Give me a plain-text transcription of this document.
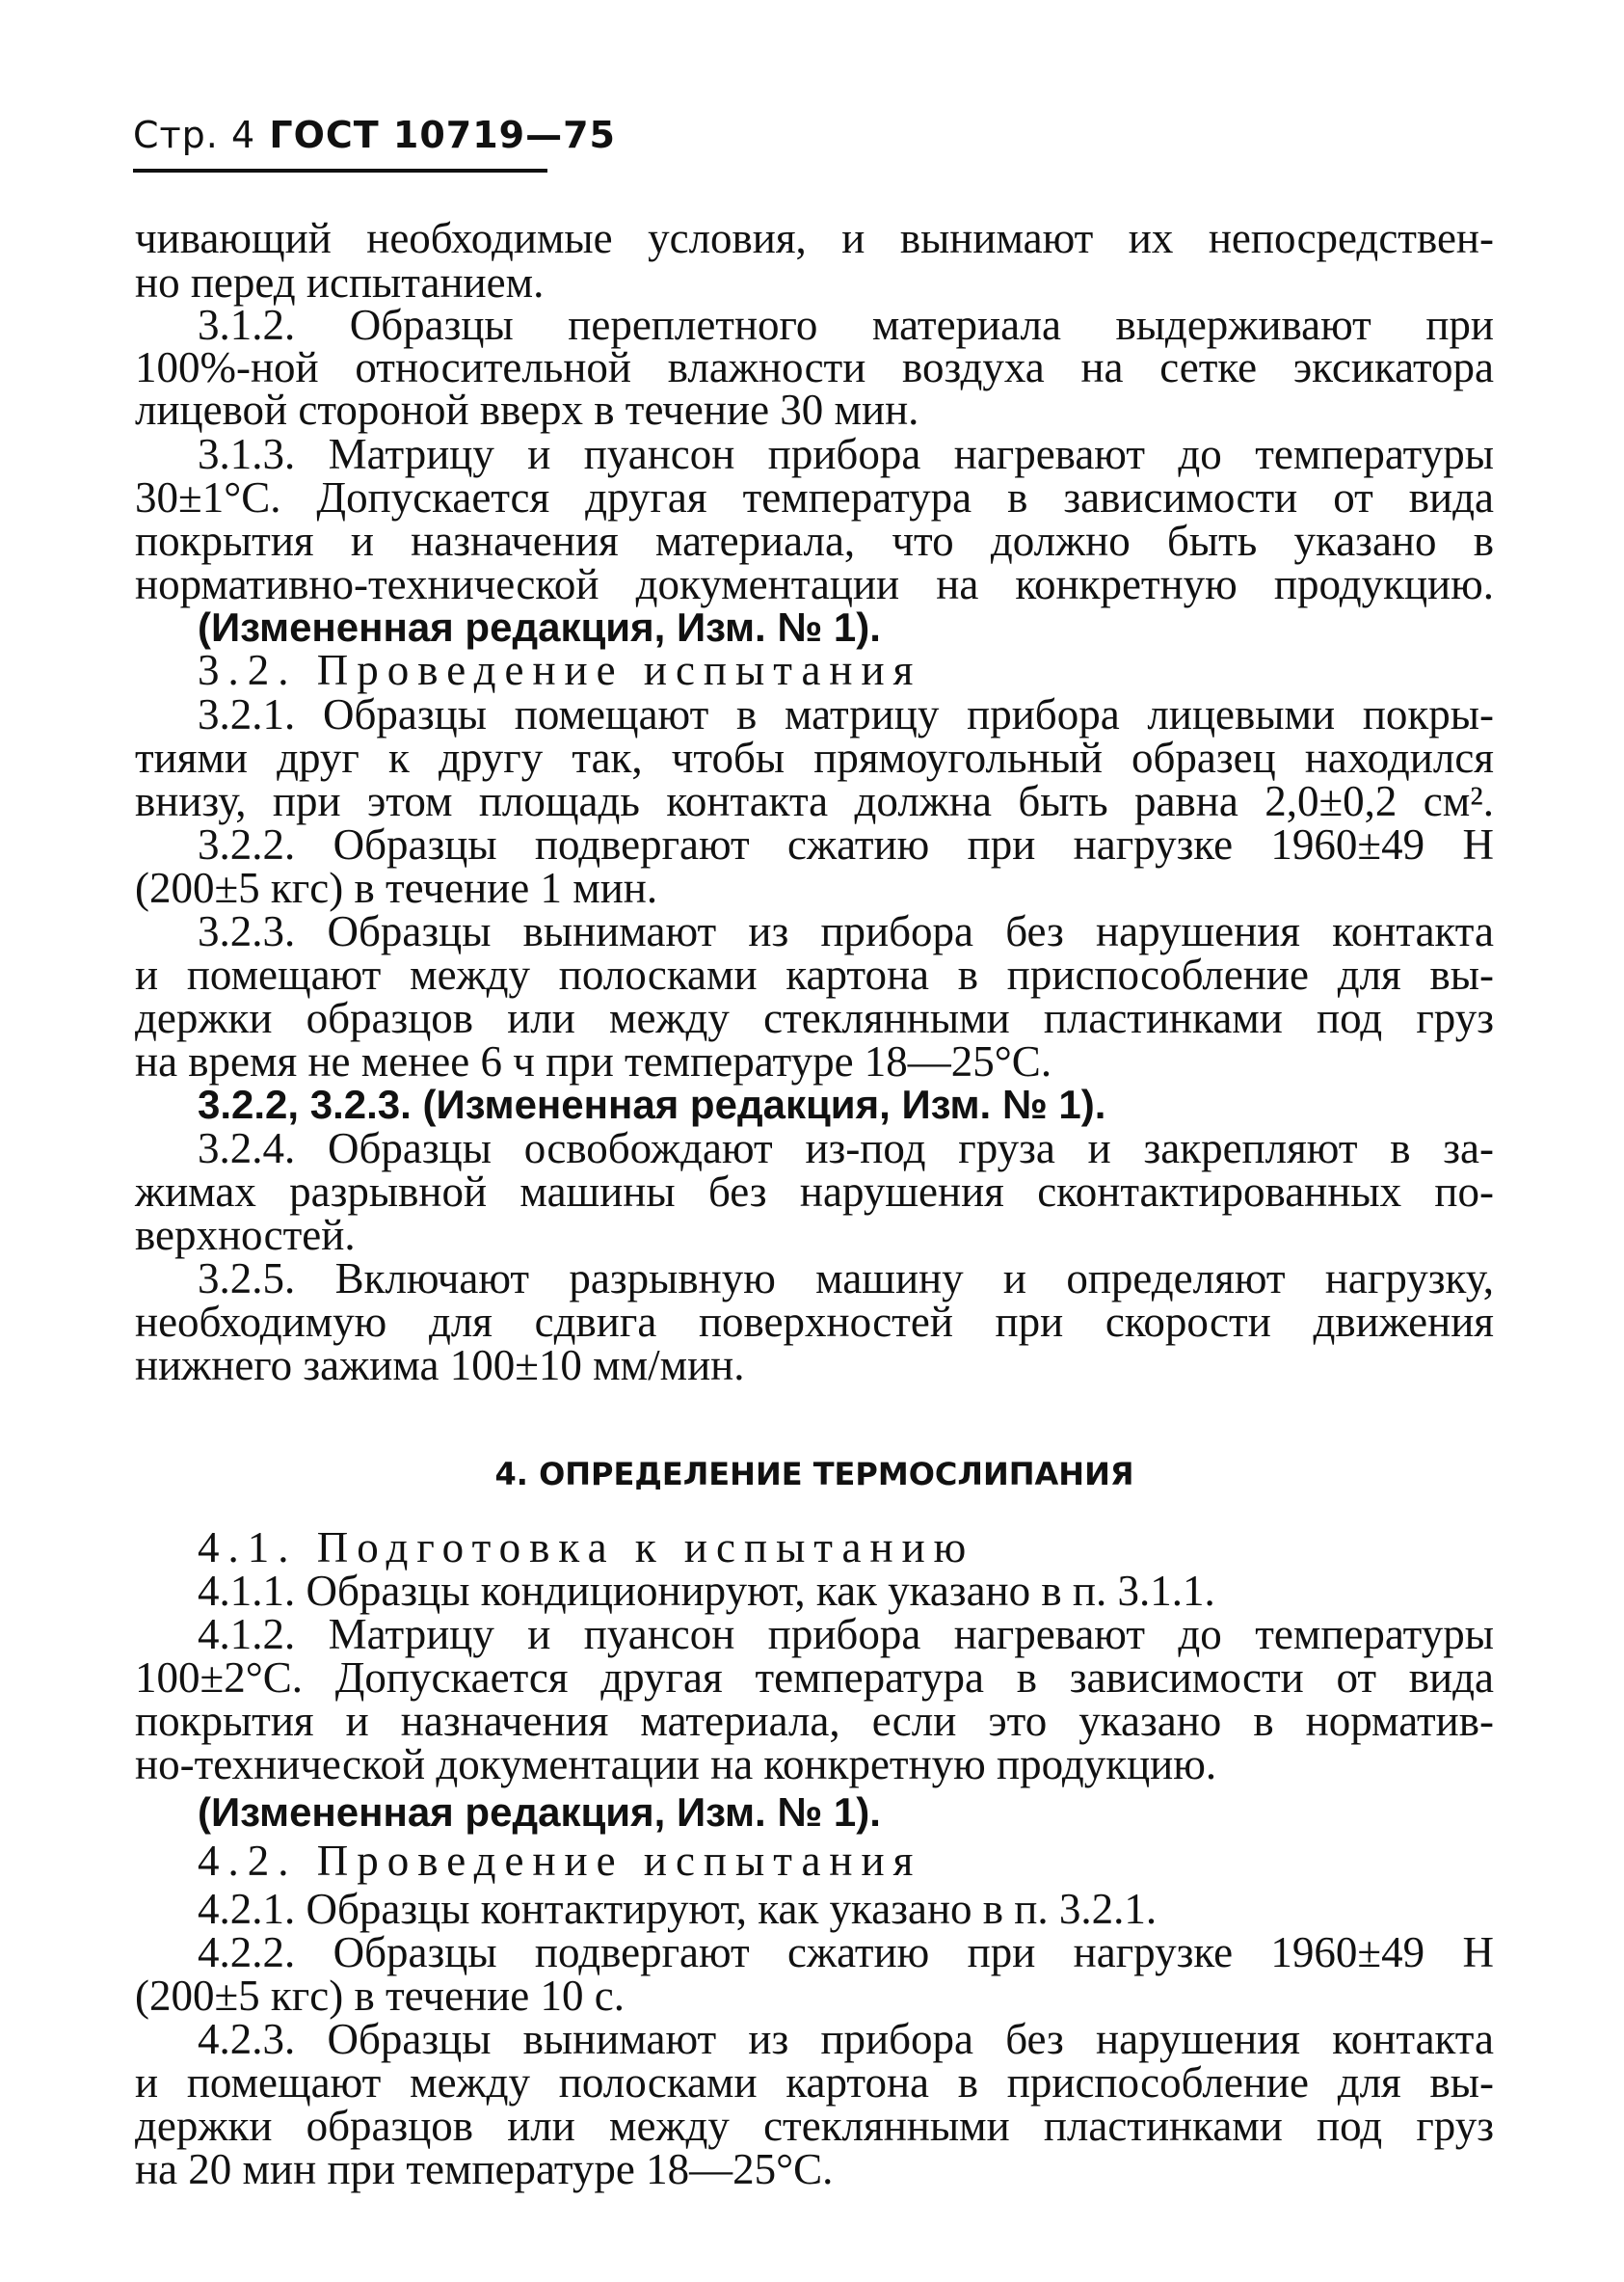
Стр. 4 ГОСТ 10719—75
чивающий необходимые условия, и вынимают их непосредствен-
но перед испытанием.
3.1.2. Образцы переплетного материала выдерживают при
100%-ной относительной влажности воздуха на сетке эксикатора
лицевой стороной вверх в течение 30 мин.
3.1.3. Матрицу и пуансон прибора нагревают до температуры
30±1°C. Допускается другая температура в зависимости от вида
покрытия и назначения материала, что должно быть указано в
нормативно-технической документации на конкретную продукцию.
(Измененная редакция, Изм. № 1).
3.2. Проведение испытания
3.2.1. Образцы помещают в матрицу прибора лицевыми покры-
тиями друг к другу так, чтобы прямоугольный образец находился
внизу, при этом площадь контакта должна быть равна 2,0±0,2 см².
3.2.2. Образцы подвергают сжатию при нагрузке 1960±49 Н
(200±5 кгс) в течение 1 мин.
3.2.3. Образцы вынимают из прибора без нарушения контакта
и помещают между полосками картона в приспособление для вы-
держки образцов или между стеклянными пластинками под груз
на время не менее 6 ч при температуре 18—25°C.
3.2.2, 3.2.3. (Измененная редакция, Изм. № 1).
3.2.4. Образцы освобождают из-под груза и закрепляют в за-
жимах разрывной машины без нарушения сконтактированных по-
верхностей.
3.2.5. Включают разрывную машину и определяют нагрузку,
необходимую для сдвига поверхностей при скорости движения
нижнего зажима 100±10 мм/мин.
4. ОПРЕДЕЛЕНИЕ ТЕРМОСЛИПАНИЯ
4.1. Подготовка к испытанию
4.1.1. Образцы кондиционируют, как указано в п. 3.1.1.
4.1.2. Матрицу и пуансон прибора нагревают до температуры
100±2°C. Допускается другая температура в зависимости от вида
покрытия и назначения материала, если это указано в норматив-
но-технической документации на конкретную продукцию.
(Измененная редакция, Изм. № 1).
4.2. Проведение испытания
4.2.1. Образцы контактируют, как указано в п. 3.2.1.
4.2.2. Образцы подвергают сжатию при нагрузке 1960±49 Н
(200±5 кгс) в течение 10 с.
4.2.3. Образцы вынимают из прибора без нарушения контакта
и помещают между полосками картона в приспособление для вы-
держки образцов или между стеклянными пластинками под груз
на 20 мин при температуре 18—25°C.
